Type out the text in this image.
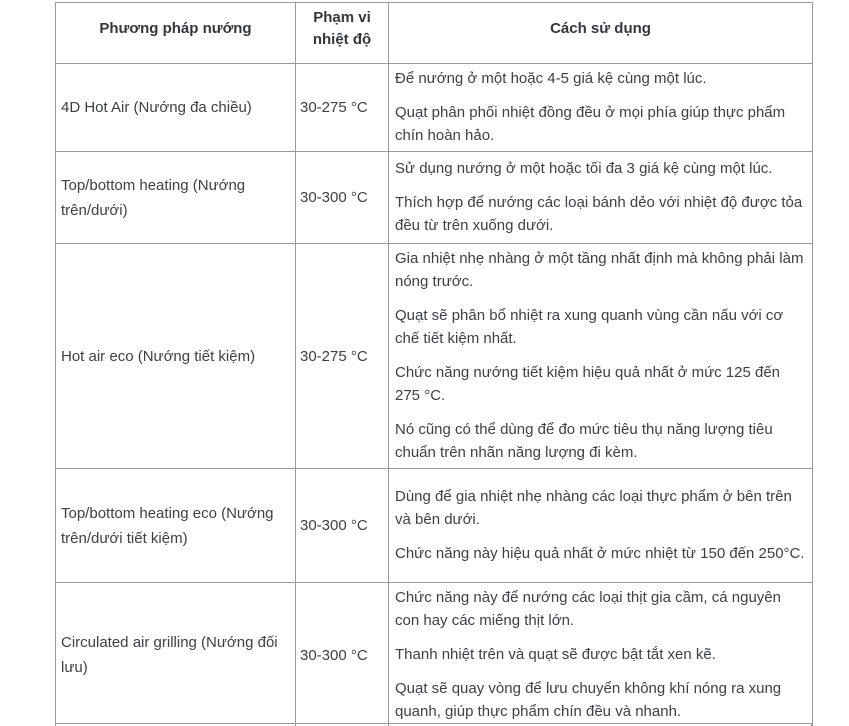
Phương pháp nướng	Phạm vi nhiệt độ	Cách sử dụng
4D Hot Air (Nướng đa chiều)	30-275 °C	Để nướng ở một hoặc 4-5 giá kệ cùng một lúc.

Quạt phân phối nhiệt đồng đều ở mọi phía giúp thực phẩm chín hoàn hảo.

Top/bottom heating (Nướng trên/dưới)	30-300 °C	Sử dụng nướng ở một hoặc tối đa 3 giá kệ cùng một lúc.

Thích hợp để nướng các loại bánh dẻo với nhiệt độ được tỏa đều từ trên xuống dưới.

Hot air eco (Nướng tiết kiệm)	30-275 °C	Gia nhiệt nhẹ nhàng ở một tầng nhất định mà không phải làm nóng trước.

Quạt sẽ phân bổ nhiệt ra xung quanh vùng cần nấu với cơ chế tiết kiệm nhất.

Chức năng nướng tiết kiệm hiệu quả nhất ở mức 125 đến 275 °C.

Nó cũng có thể dùng để đo mức tiêu thụ năng lượng tiêu chuẩn trên nhãn năng lượng đi kèm.

Top/bottom heating eco (Nướng trên/dưới tiết kiệm)	30-300 °C	Dùng để gia nhiệt nhẹ nhàng các loại thực phẩm ở bên trên và bên dưới.

Chức năng này hiệu quả nhất ở mức nhiệt từ 150 đến 250°C.

Circulated air grilling (Nướng đối lưu)	30-300 °C	Chức năng này để nướng các loại thịt gia cầm, cá nguyên con hay các miếng thịt lớn.

Thanh nhiệt trên và quạt sẽ được bật tắt xen kẽ.

Quạt sẽ quay vòng để lưu chuyển không khí nóng ra xung quanh, giúp thực phẩm chín đều và nhanh.
